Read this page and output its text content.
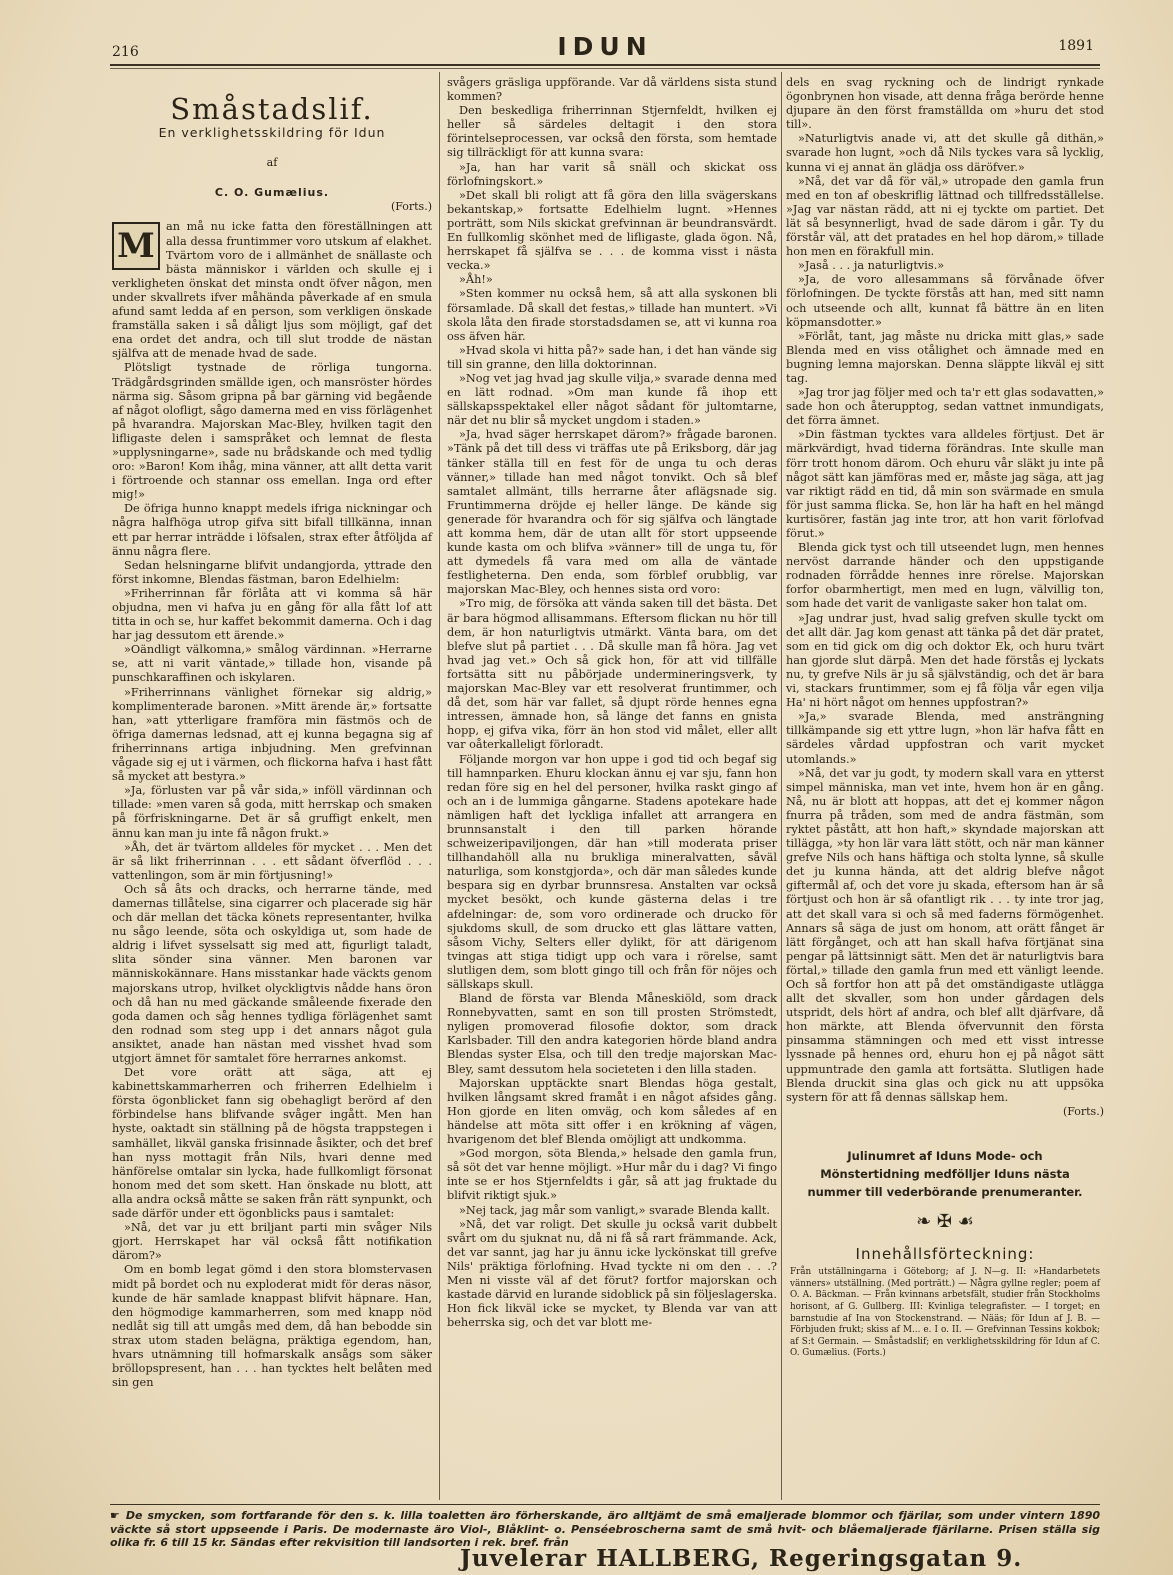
216	IDUN	1891
Småstadslif.
En verklighetsskildring för Idun
af
C. O. Gumælius.
(Forts.)

M an må nu icke fatta den föreställningen att alla dessa fruntimmer voro utskum af elakhet. Tvärtom voro de i allmänhet de snällaste och bästa människor i världen och skulle ej i verkligheten önskat det minsta ondt öfver någon, men under skvallrets ifver måhända påverkade af en smula afund samt ledda af en person, som verkligen önskade framställa saken i så dåligt ljus som möjligt, gaf det ena ordet det andra, och till slut trodde de nästan själfva att de menade hvad de sade.

Plötsligt tystnade de rörliga tungorna. Trädgårdsgrinden smällde igen, och mansröster hördes närma sig. Såsom gripna på bar gärning vid begående af något olofligt, sågo damerna med en viss förlägenhet på hvarandra. Majorskan Mac-Bley, hvilken tagit den lifligaste delen i samspråket och lemnat de flesta »upplysningarne», sade nu brådskande och med tydlig oro: »Baron! Kom ihåg, mina vänner, att allt detta varit i förtroende och stannar oss emellan. Inga ord efter mig!»

De öfriga hunno knappt medels ifriga nickningar och några halfhöga utrop gifva sitt bifall tillkänna, innan ett par herrar inträdde i löfsalen, strax efter åtföljda af ännu några flere.

Sedan helsningarne blifvit undangjorda, yttrade den först inkomne, Blendas fästman, baron Edelhielm:

»Friherrinnan får förlåta att vi komma så här objudna, men vi hafva ju en gång för alla fått lof att titta in och se, hur kaffet bekommit damerna. Och i dag har jag dessutom ett ärende.»

»Oändligt välkomna,» smålog värdinnan. »Herrarne se, att ni varit väntade,» tillade hon, visande på punschkaraffinen och iskylaren.

»Friherrinnans vänlighet förnekar sig aldrig,» komplimenterade baronen. »Mitt ärende är,» fortsatte han, »att ytterligare framföra min fästmös och de öfriga damernas ledsnad, att ej kunna begagna sig af friherrinnans artiga inbjudning. Men grefvinnan vågade sig ej ut i värmen, och flickorna hafva i hast fått så mycket att bestyra.»

»Ja, förlusten var på vår sida,» inföll värdinnan och tillade: »men varen så goda, mitt herrskap och smaken på förfriskningarne. Det är så gruffigt enkelt, men ännu kan man ju inte få någon frukt.»

»Åh, det är tvärtom alldeles för mycket . . . Men det är så likt friherrinnan . . . ett sådant öfverflöd . . . vattenlingon, som är min förtjusning!»

Och så åts och dracks, och herrarne tände, med damernas tillåtelse, sina cigarrer och placerade sig här och där mellan det täcka könets representanter, hvilka nu sågo leende, söta och oskyldiga ut, som hade de aldrig i lifvet sysselsatt sig med att, figurligt taladt, slita sönder sina vänner. Men baronen var människokännare. Hans misstankar hade väckts genom majorskans utrop, hvilket olyckligtvis nådde hans öron och då han nu med gäckande småleende fixerade den goda damen och såg hennes tydliga förlägenhet samt den rodnad som steg upp i det annars något gula ansiktet, anade han nästan med visshet hvad som utgjort ämnet för samtalet före herrarnes ankomst.

Det vore orätt att säga, att ej kabinettskammarherren och friherren Edelhielm i första ögonblicket fann sig obehagligt berörd af den förbindelse hans blifvande svåger ingått. Men han hyste, oaktadt sin ställning på de högsta trappstegen i samhället, likväl ganska frisinnade åsikter, och det bref han nyss mottagit från Nils, hvari denne med hänförelse omtalar sin lycka, hade fullkomligt försonat honom med det som skett. Han önskade nu blott, att alla andra också måtte se saken från rätt synpunkt, och sade därför under ett ögonblicks paus i samtalet:

»Nå, det var ju ett briljant parti min svåger Nils gjort. Herrskapet har väl också fått notifikation därom?»

Om en bomb legat gömd i den stora blomstervasen midt på bordet och nu exploderat midt för deras näsor, kunde de här samlade knappast blifvit häpnare. Han, den högmodige kammarherren, som med knapp nöd nedlåt sig till att umgås med dem, då han bebodde sin strax utom staden belägna, präktiga egendom, han, hvars utnämning till hofmarskalk ansågs som säker bröllopspresent, han . . . han tycktes helt belåten med sin gen

svågers gräsliga uppförande. Var då världens sista stund kommen?

Den beskedliga friherrinnan Stjernfeldt, hvilken ej heller så särdeles deltagit i den stora förintelseprocessen, var också den första, som hemtade sig tillräckligt för att kunna svara:

»Ja, han har varit så snäll och skickat oss förlofningskort.»

»Det skall bli roligt att få göra den lilla svägerskans bekantskap,» fortsatte Edelhielm lugnt. »Hennes porträtt, som Nils skickat grefvinnan är beundransvärdt. En fullkomlig skönhet med de lifligaste, glada ögon. Nå, herrskapet få själfva se . . . de komma visst i nästa vecka.»

»Åh!»

»Sten kommer nu också hem, så att alla syskonen bli församlade. Då skall det festas,» tillade han muntert. »Vi skola låta den firade storstadsdamen se, att vi kunna roa oss äfven här.

»Hvad skola vi hitta på?» sade han, i det han vände sig till sin granne, den lilla doktorinnan.

»Nog vet jag hvad jag skulle vilja,» svarade denna med en lätt rodnad. »Om man kunde få ihop ett sällskapsspektakel eller något sådant för jultomtarne, när det nu blir så mycket ungdom i staden.»

»Ja, hvad säger herrskapet därom?» frågade baronen. »Tänk på det till dess vi träffas ute på Eriksborg, där jag tänker ställa till en fest för de unga tu och deras vänner,» tillade han med något tonvikt. Och så blef samtalet allmänt, tills herrarne åter aflägsnade sig. Fruntimmerna dröjde ej heller länge. De kände sig generade för hvarandra och för sig själfva och längtade att komma hem, där de utan allt för stort uppseende kunde kasta om och blifva »vänner» till de unga tu, för att dymedels få vara med om alla de väntade festligheterna. Den enda, som förblef orubblig, var majorskan Mac-Bley, och hennes sista ord voro:

»Tro mig, de försöka att vända saken till det bästa. Det är bara högmod allisammans. Eftersom flickan nu hör till dem, är hon naturligtvis utmärkt. Vänta bara, om det blefve slut på partiet . . . Då skulle man få höra. Jag vet hvad jag vet.» Och så gick hon, för att vid tillfälle fortsätta sitt nu påbörjade undermineringsverk, ty majorskan Mac-Bley var ett resolverat fruntimmer, och då det, som här var fallet, så djupt rörde hennes egna intressen, ämnade hon, så länge det fanns en gnista hopp, ej gifva vika, förr än hon stod vid målet, eller allt var oåterkalleligt förloradt.

Följande morgon var hon uppe i god tid och begaf sig till hamnparken. Ehuru klockan ännu ej var sju, fann hon redan före sig en hel del personer, hvilka raskt gingo af och an i de lummiga gångarne. Stadens apotekare hade nämligen haft det lyckliga infallet att arrangera en brunnsanstalt i den till parken hörande schweizeripaviljongen, där han »till moderata priser tillhandahöll alla nu brukliga mineralvatten, såväl naturliga, som konstgjorda», och där man således kunde bespara sig en dyrbar brunnsresa. Anstalten var också mycket besökt, och kunde gästerna delas i tre afdelningar: de, som voro ordinerade och drucko för sjukdoms skull, de som drucko ett glas lättare vatten, såsom Vichy, Selters eller dylikt, för att därigenom tvingas att stiga tidigt upp och vara i rörelse, samt slutligen dem, som blott gingo till och från för nöjes och sällskaps skull.

Bland de första var Blenda Måneskiöld, som drack Ronnebyvatten, samt en son till prosten Strömstedt, nyligen promoverad filosofie doktor, som drack Karlsbader. Till den andra kategorien hörde bland andra Blendas syster Elsa, och till den tredje majorskan Mac-Bley, samt dessutom hela societeten i den lilla staden.

Majorskan upptäckte snart Blendas höga gestalt, hvilken långsamt skred framåt i en något afsides gång. Hon gjorde en liten omväg, och kom således af en händelse att möta sitt offer i en krökning af vägen, hvarigenom det blef Blenda omöjligt att undkomma.

»God morgon, söta Blenda,» helsade den gamla frun, så söt det var henne möjligt. »Hur mår du i dag? Vi fingo inte se er hos Stjernfeldts i går, så att jag fruktade du blifvit riktigt sjuk.»

»Nej tack, jag mår som vanligt,» svarade Blenda kallt.

»Nå, det var roligt. Det skulle ju också varit dubbelt svårt om du sjuknat nu, då ni få så rart främmande. Ack, det var sannt, jag har ju ännu icke lyckönskat till grefve Nils' präktiga förlofning. Hvad tyckte ni om den . . .? Men ni visste väl af det förut? fortfor majorskan och kastade därvid en lurande sidoblick på sin följeslagerska. Hon fick likväl icke se mycket, ty Blenda var van att beherrska sig, och det var blott me-

dels en svag ryckning och de lindrigt rynkade ögonbrynen hon visade, att denna fråga berörde henne djupare än den först framställda om »huru det stod till».

»Naturligtvis anade vi, att det skulle gå dithän,» svarade hon lugnt, »och då Nils tyckes vara så lycklig, kunna vi ej annat än glädja oss däröfver.»

»Nå, det var då för väl,» utropade den gamla frun med en ton af obeskriflig lättnad och tillfredsställelse. »Jag var nästan rädd, att ni ej tyckte om partiet. Det lät så besynnerligt, hvad de sade därom i går. Ty du förstår väl, att det pratades en hel hop därom,» tillade hon men en förakfull min.

»Jaså . . . ja naturligtvis.»

»Ja, de voro allesammans så förvånade öfver förlofningen. De tyckte förstås att han, med sitt namn och utseende och allt, kunnat få bättre än en liten köpmansdotter.»

»Förlåt, tant, jag måste nu dricka mitt glas,» sade Blenda med en viss otålighet och ämnade med en bugning lemna majorskan. Denna släppte likväl ej sitt tag.

»Jag tror jag följer med och ta'r ett glas sodavatten,» sade hon och återupptog, sedan vattnet inmundigats, det förra ämnet.

»Din fästman tycktes vara alldeles förtjust. Det är märkvärdigt, hvad tiderna förändras. Inte skulle man förr trott honom därom. Och ehuru vår släkt ju inte på något sätt kan jämföras med er, måste jag säga, att jag var riktigt rädd en tid, då min son svärmade en smula för just samma flicka. Se, hon lär ha haft en hel mängd kurtisörer, fastän jag inte tror, att hon varit förlofvad förut.»

Blenda gick tyst och till utseendet lugn, men hennes nervöst darrande händer och den uppstigande rodnaden förrådde hennes inre rörelse. Majorskan forfor obarmhertigt, men med en lugn, välvillig ton, som hade det varit de vanligaste saker hon talat om.

»Jag undrar just, hvad salig grefven skulle tyckt om det allt där. Jag kom genast att tänka på det där pratet, som en tid gick om dig och doktor Ek, och huru tvärt han gjorde slut därpå. Men det hade förstås ej lyckats nu, ty grefve Nils är ju så självständig, och det är bara vi, stackars fruntimmer, som ej få följa vår egen vilja Ha' ni hört något om hennes uppfostran?»

»Ja,» svarade Blenda, med ansträngning tillkämpande sig ett yttre lugn, »hon lär hafva fått en särdeles vårdad uppfostran och varit mycket utomlands.»

»Nå, det var ju godt, ty modern skall vara en ytterst simpel människa, man vet inte, hvem hon är en gång. Nå, nu är blott att hoppas, att det ej kommer någon fnurra på tråden, som med de andra fästmän, som ryktet påstått, att hon haft,» skyndade majorskan att tillägga, »ty hon lär vara lätt stött, och när man känner grefve Nils och hans häftiga och stolta lynne, så skulle det ju kunna hända, att det aldrig blefve något giftermål af, och det vore ju skada, eftersom han är så förtjust och hon är så ofantligt rik . . . ty inte tror jag, att det skall vara si och så med faderns förmögenhet. Annars så säga de just om honom, att orätt fånget är lätt förgånget, och att han skall hafva förtjänat sina pengar på lättsinnigt sätt. Men det är naturligtvis bara förtal,» tillade den gamla frun med ett vänligt leende. Och så fortfor hon att på det omständigaste utlägga allt det skvaller, som hon under gårdagen dels utspridt, dels hört af andra, och blef allt djärfvare, då hon märkte, att Blenda öfvervunnit den första pinsamma stämningen och med ett visst intresse lyssnade på hennes ord, ehuru hon ej på något sätt uppmuntrade den gamla att fortsätta. Slutligen hade Blenda druckit sina glas och gick nu att uppsöka systern för att få dennas sällskap hem.

(Forts.)
Julinumret af Iduns Mode- och Mönstertidning medfölljer Iduns nästa nummer till vederbörande prenumeranter.
❧ ✠ ☙
Innehållsförteckning:
Från utställningarna i Göteborg; af J. N—g. II: »Handarbetets vänners» utställning. (Med porträtt.) — Några gyllne regler; poem af O. A. Bäckman. — Från kvinnans arbetsfält, studier från Stockholms horisont, af G. Gullberg. III: Kvinliga telegrafister. — I torget; en barnstudie af Ina von Stockenstrand. — Nääs; för Idun af J. B. — Förbjuden frukt; skiss af M... e. I o. II. — Grefvinnan Tessins kokbok; af S:t Germain. — Småstadslif; en verklighetsskildring för Idun af C. O. Gumælius. (Forts.)
☛ De smycken, som fortfarande för den s. k. lilla toaletten äro förherskande, äro alltjämt de små emaljerade blommor och fjärilar, som under vintern 1890 väckte så stort uppseende i Paris. De modernaste äro Viol-, Blåklint- o. Penséebroscherna samt de små hvit- och blåemaljerade fjärilarne. Prisen ställa sig olika fr. 6 till 15 kr. Sändas efter rekvisition till landsorten i rek. bref. från
Juvelerar HALLBERG, Regeringsgatan 9.
